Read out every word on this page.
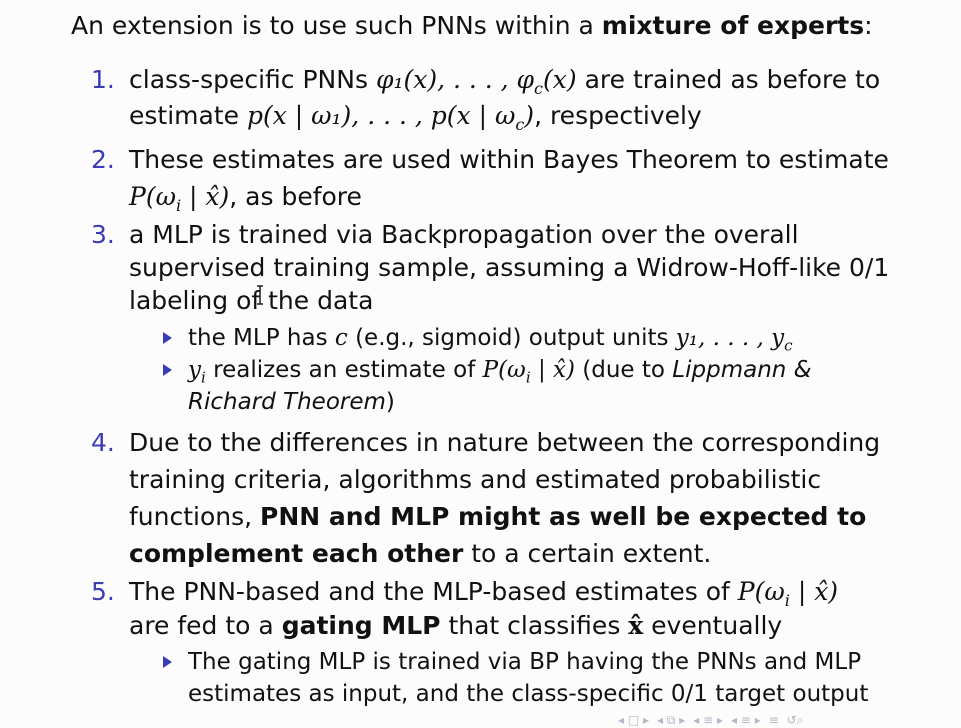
An extension is to use such PNNs within a mixture of experts:
1. class-specific PNNs φ₁(x), . . . , $\varphi_c(x)$ are trained as before to
estimate p(x | ω₁), . . . , p(x | $\omega_c$), respectively
2. These estimates are used within Bayes Theorem to estimate
$P(\omega_i$ | x̂), as before
3. a MLP is trained via Backpropagation over the overall
supervised training sample, assuming a Widrow-Hoff-like 0/1
labeling of the data
the MLP has c (e.g., sigmoid) output units y₁, . . . , $y_c$
$y_i$ realizes an estimate of $P(\omega_i$ | x̂) (due to Lippmann &
Richard Theorem)
4. Due to the differences in nature between the corresponding
training criteria, algorithms and estimated probabilistic
functions, PNN and MLP might as well be expected to
complement each other to a certain extent.
5. The PNN-based and the MLP-based estimates of $P(\omega_i$ | x̂)
are fed to a gating MLP that classifies x̂ eventually
The gating MLP is trained via BP having the PNNs and MLP
estimates as input, and the class-specific 0/1 target output
◂ □ ▸ ◂ ⧉ ▸ ◂ ≡ ▸ ◂ ≡ ▸ ≡ ↺⌕
